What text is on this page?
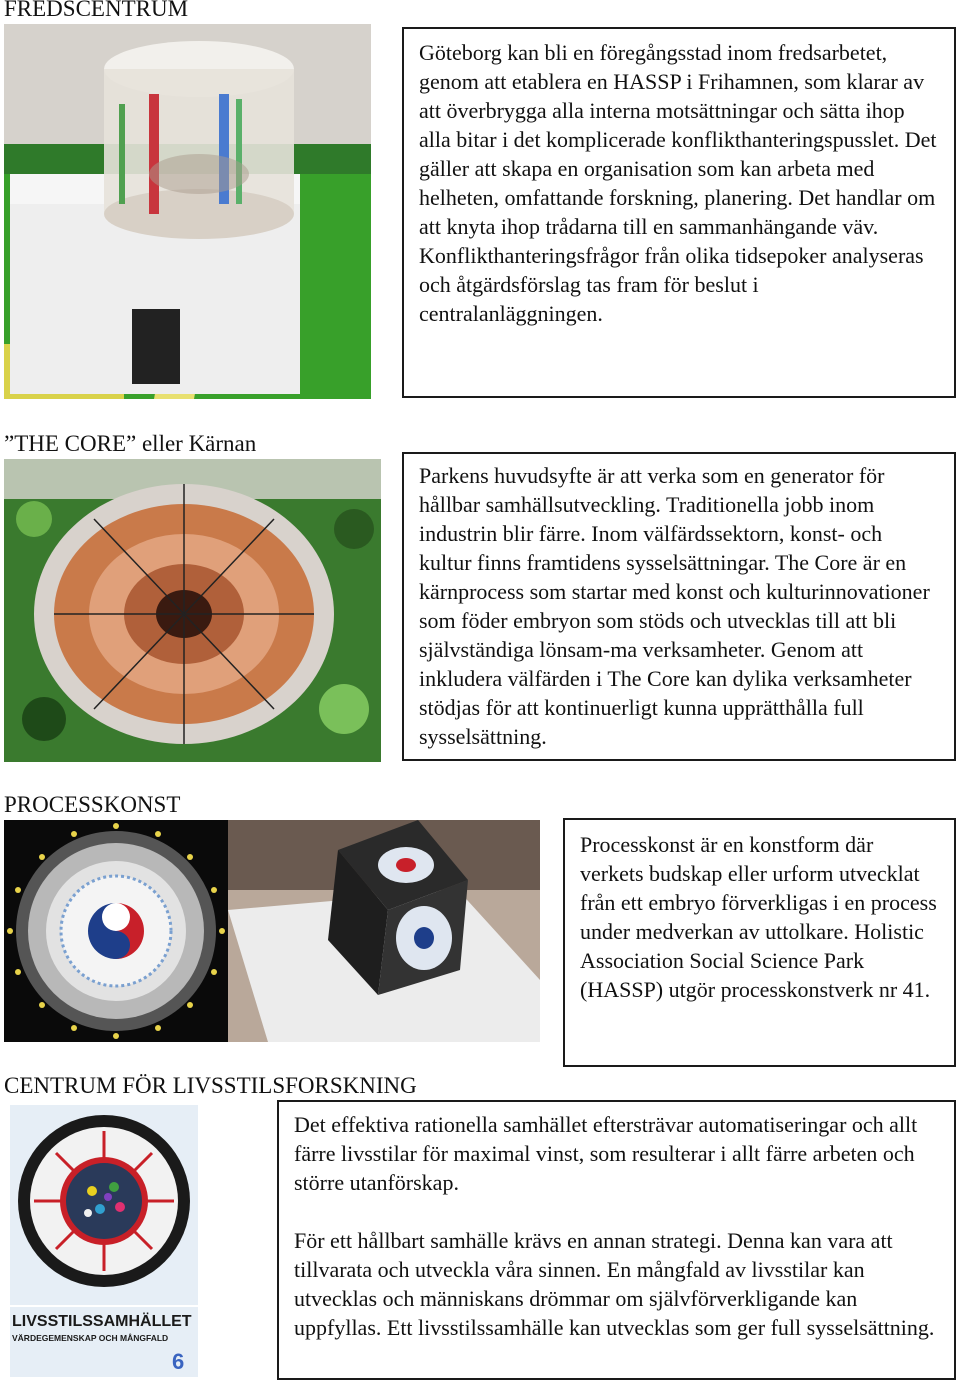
FREDSCENTRUM

Göteborg kan bli en föregångsstad inom fredsarbetet, genom att etablera en HASSP i Frihamnen, som klarar av att överbrygga alla interna motsättningar och sätta ihop alla bitar i det komplicerade konflikthanteringspusslet. Det gäller att skapa en organisation som kan arbeta med helheten, omfattande forskning, planering. Det handlar om att knyta ihop trådarna till en sammanhängande väv. Konflikthanteringsfrågor från olika tidsepoker analyseras och åtgärdsförslag tas fram för beslut i centralanläggningen.

”THE CORE” eller Kärnan

Parkens huvudsyfte är att verka som en generator för hållbar samhällsutveckling. Traditionella jobb inom industrin blir färre. Inom välfärdssektorn, konst- och kultur finns framtidens sysselsättningar. The Core är en kärnprocess som startar med konst och kulturinnovationer som föder embryon som stöds och utvecklas till att bli självständiga lönsam-ma verksamheter. Genom att inkludera välfärden i The Core kan dylika verksamheter stödjas för att kontinuerligt kunna upprätthålla full sysselsättning.

PROCESSKONST

Processkonst är en konstform där verkets budskap eller urform utvecklat från ett embryo förverkligas i en process under medverkan av uttolkare. Holistic Association Social Science Park (HASSP) utgör processkonstverk nr 41.

CENTRUM FÖR LIVSSTILSFORSKNING
LIVSSTILSSAMHÄLLET
VÄRDEGEMENSKAP OCH MÅNGFALD
6

Det effektiva rationella samhället eftersträvar automatiseringar och allt färre livsstilar för maximal vinst, som resulterar i allt färre arbeten och större utanförskap.

För ett hållbart samhälle krävs en annan strategi. Denna kan vara att tillvarata och utveckla våra sinnen. En mångfald av livsstilar kan utvecklas och människans drömmar om självförverkligande kan uppfyllas. Ett livsstilssamhälle kan utvecklas som ger full sysselsättning.
